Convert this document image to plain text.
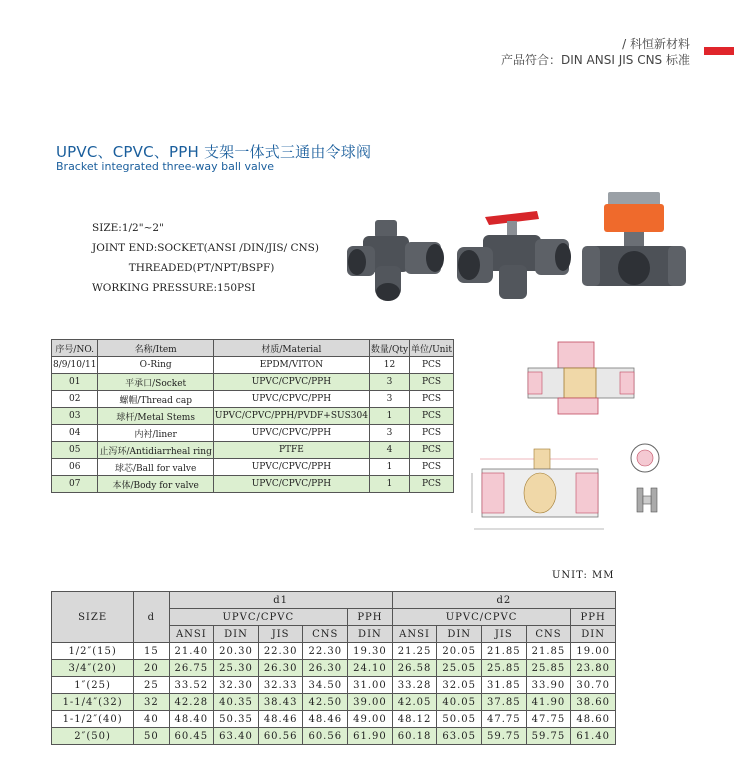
/ 科恒新材料
产品符合：DIN ANSI JIS CNS 标准
UPVC、CPVC、PPH 支架一体式三通由令球阀
Bracket integrated three-way ball valve
SIZE:1/2"~2"
JOINT END:SOCKET(ANSI /DIN/JIS/ CNS)
THREADED(PT/NPT/BSPF)
WORKING PRESSURE:150PSI
序号/NO.	名称/Item	材质/Material	数量/Qty	单位/Unit
8/9/10/11	O-Ring	EPDM/VITON	12	PCS
01	平承口/Socket	UPVC/CPVC/PPH	3	PCS
02	螺帽/Thread cap	UPVC/CPVC/PPH	3	PCS
03	球杆/Metal Stems	UPVC/CPVC/PPH/PVDF+SUS304	1	PCS
04	内衬/liner	UPVC/CPVC/PPH	3	PCS
05	止泻环/Antidiarrheal ring	PTFE	4	PCS
06	球芯/Ball for valve	UPVC/CPVC/PPH	1	PCS
07	本体/Body for valve	UPVC/CPVC/PPH	1	PCS
UNIT: MM
SIZE	d	d1					d2				
		UPVC/CPVC				PPH	UPVC/CPVC				PPH
		ANSI	DIN	JIS	CNS	DIN	ANSI	DIN	JIS	CNS	DIN
1/2″(15)	15	21.40	20.30	22.30	22.30	19.30	21.25	20.05	21.85	21.85	19.00
3/4″(20)	20	26.75	25.30	26.30	26.30	24.10	26.58	25.05	25.85	25.85	23.80
1″(25)	25	33.52	32.30	32.33	34.50	31.00	33.28	32.05	31.85	33.90	30.70
1-1/4″(32)	32	42.28	40.35	38.43	42.50	39.00	42.05	40.05	37.85	41.90	38.60
1-1/2″(40)	40	48.40	50.35	48.46	48.46	49.00	48.12	50.05	47.75	47.75	48.60
2″(50)	50	60.45	63.40	60.56	60.56	61.90	60.18	63.05	59.75	59.75	61.40
